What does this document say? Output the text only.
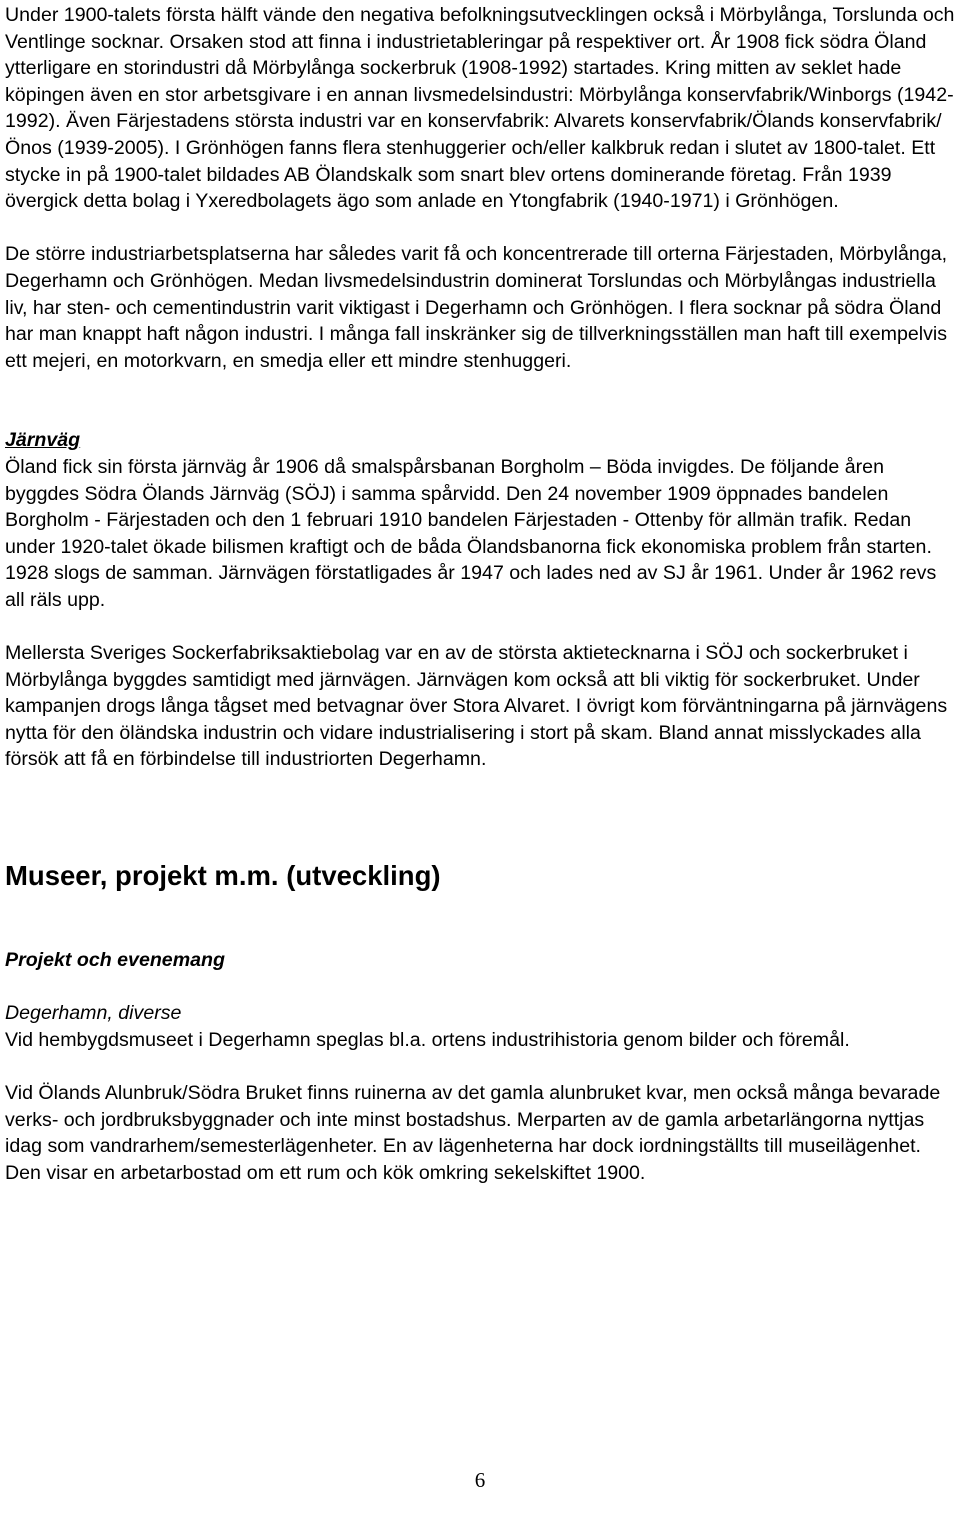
Under 1900-talets första hälft vände den negativa befolkningsutvecklingen också i Mörbylånga, Torslunda och Ventlinge socknar. Orsaken stod att finna i industrietableringar på respektiver ort. År 1908 fick södra Öland ytterligare en storindustri då Mörbylånga sockerbruk (1908-1992) startades. Kring mitten av seklet hade köpingen även en stor arbetsgivare i en annan livsmedelsindustri: Mörbylånga konservfabrik/Winborgs (1942-1992). Även Färjestadens största industri var en konservfabrik: Alvarets konservfabrik/Ölands konservfabrik/Önos (1939-2005). I Grönhögen fanns flera stenhuggerier och/eller kalkbruk redan i slutet av 1800-talet. Ett stycke in på 1900-talet bildades AB Ölandskalk som snart blev ortens dominerande företag. Från 1939 övergick detta bolag i Yxeredbolagets ägo som anlade en Ytongfabrik (1940-1971) i Grönhögen.

De större industriarbetsplatserna har således varit få och koncentrerade till orterna Färjestaden, Mörbylånga, Degerhamn och Grönhögen. Medan livsmedelsindustrin dominerat Torslundas och Mörbylångas industriella liv, har sten- och cementindustrin varit viktigast i Degerhamn och Grönhögen. I flera socknar på södra Öland har man knappt haft någon industri. I många fall inskränker sig de tillverkningsställen man haft till exempelvis ett mejeri, en motorkvarn, en smedja eller ett mindre stenhuggeri.

Järnväg

Öland fick sin första järnväg år 1906 då smalspårsbanan Borgholm – Böda invigdes. De följande åren byggdes Södra Ölands Järnväg (SÖJ) i samma spårvidd. Den 24 november 1909 öppnades bandelen Borgholm - Färjestaden och den 1 februari 1910 bandelen Färjestaden - Ottenby för allmän trafik. Redan under 1920-talet ökade bilismen kraftigt och de båda Ölandsbanorna fick ekonomiska problem från starten. 1928 slogs de samman. Järnvägen förstatligades år 1947 och lades ned av SJ år 1961. Under år 1962 revs all räls upp.

Mellersta Sveriges Sockerfabriksaktiebolag var en av de största aktietecknarna i SÖJ och sockerbruket i Mörbylånga byggdes samtidigt med järnvägen. Järnvägen kom också att bli viktig för sockerbruket. Under kampanjen drogs långa tågset med betvagnar över Stora Alvaret. I övrigt kom förväntningarna på järnvägens nytta för den öländska industrin och vidare industrialisering i stort på skam. Bland annat misslyckades alla försök att få en förbindelse till industriorten Degerhamn.

Museer, projekt m.m. (utveckling)

Projekt och evenemang

Degerhamn, diverse

Vid hembygdsmuseet i Degerhamn speglas bl.a. ortens industrihistoria genom bilder och föremål.

Vid Ölands Alunbruk/Södra Bruket finns ruinerna av det gamla alunbruket kvar, men också många bevarade verks- och jordbruksbyggnader och inte minst bostadshus. Merparten av de gamla arbetarlängorna nyttjas idag som vandrarhem/semesterlägenheter. En av lägenheterna har dock iordningställts till museilägenhet. Den visar en arbetarbostad om ett rum och kök omkring sekelskiftet 1900.

6
